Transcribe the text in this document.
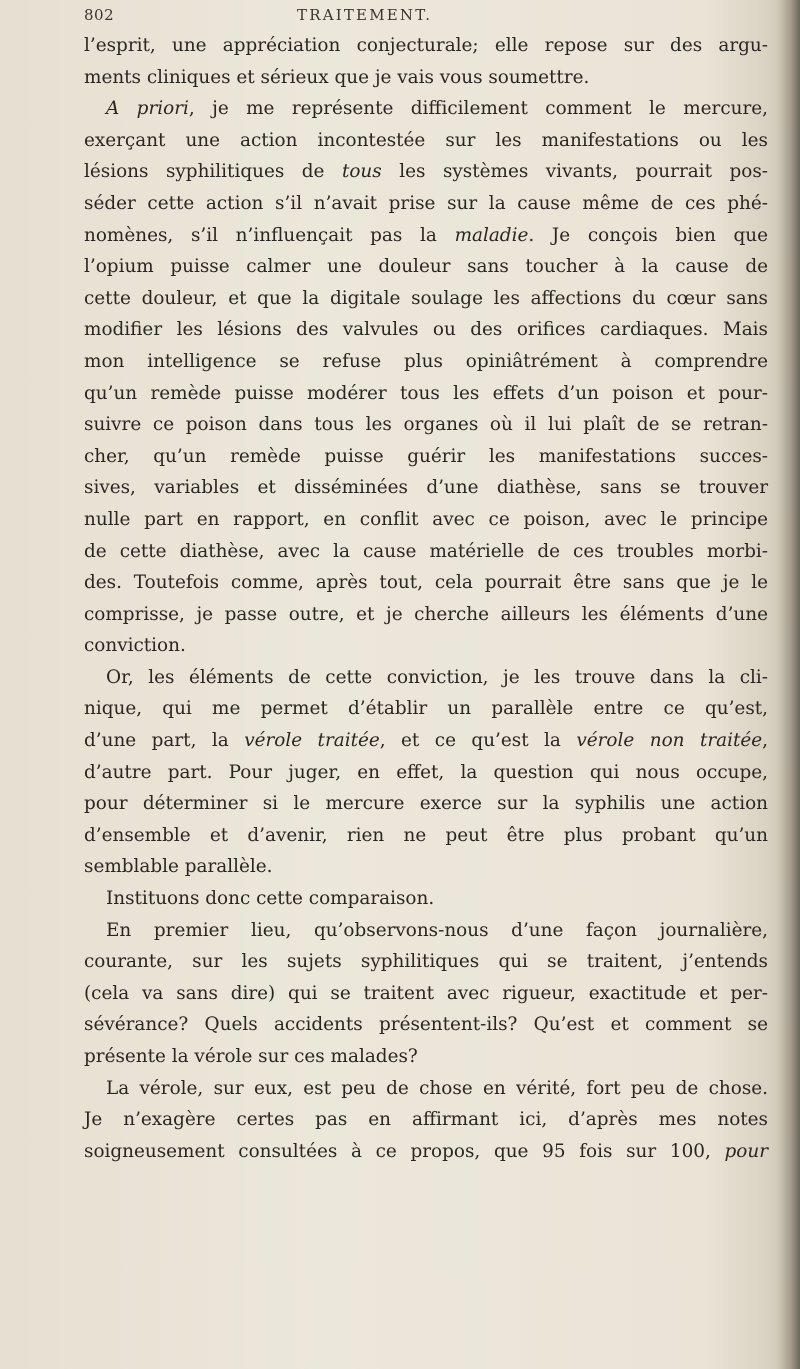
802	TRAITEMENT.
l’esprit, une appréciation conjecturale; elle repose sur des argu-
ments cliniques et sérieux que je vais vous soumettre.
A priori, je me représente difficilement comment le mercure,
exerçant une action incontestée sur les manifestations ou les
lésions syphilitiques de tous les systèmes vivants, pourrait pos-
séder cette action s’il n’avait prise sur la cause même de ces phé-
nomènes, s’il n’influençait pas la maladie. Je conçois bien que
l’opium puisse calmer une douleur sans toucher à la cause de
cette douleur, et que la digitale soulage les affections du cœur sans
modifier les lésions des valvules ou des orifices cardiaques. Mais
mon intelligence se refuse plus opiniâtrément à comprendre
qu’un remède puisse modérer tous les effets d’un poison et pour-
suivre ce poison dans tous les organes où il lui plaît de se retran-
cher, qu’un remède puisse guérir les manifestations succes-
sives, variables et disséminées d’une diathèse, sans se trouver
nulle part en rapport, en conflit avec ce poison, avec le principe
de cette diathèse, avec la cause matérielle de ces troubles morbi-
des. Toutefois comme, après tout, cela pourrait être sans que je le
comprisse, je passe outre, et je cherche ailleurs les éléments d’une
conviction.
Or, les éléments de cette conviction, je les trouve dans la cli-
nique, qui me permet d’établir un parallèle entre ce qu’est,
d’une part, la vérole traitée, et ce qu’est la vérole non traitée,
d’autre part. Pour juger, en effet, la question qui nous occupe,
pour déterminer si le mercure exerce sur la syphilis une action
d’ensemble et d’avenir, rien ne peut être plus probant qu’un
semblable parallèle.
Instituons donc cette comparaison.
En premier lieu, qu’observons-nous d’une façon journalière,
courante, sur les sujets syphilitiques qui se traitent, j’entends
(cela va sans dire) qui se traitent avec rigueur, exactitude et per-
sévérance? Quels accidents présentent-ils? Qu’est et comment se
présente la vérole sur ces malades?
La vérole, sur eux, est peu de chose en vérité, fort peu de chose.
Je n’exagère certes pas en affirmant ici, d’après mes notes
soigneusement consultées à ce propos, que 95 fois sur 100, pour
